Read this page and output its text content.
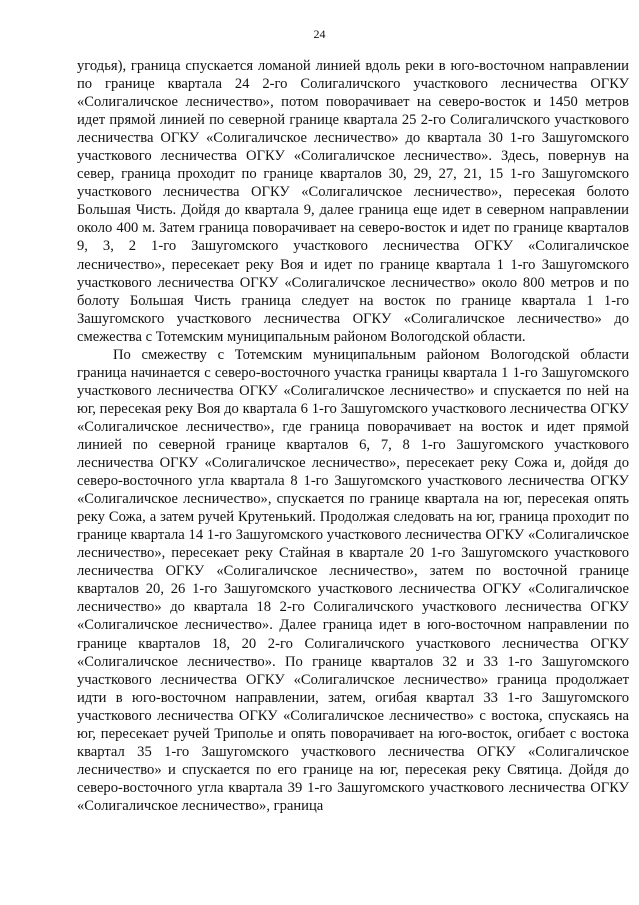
24

угодья), граница спускается ломаной линией вдоль реки в юго-восточном направлении по границе квартала 24 2-го Солигаличского участкового лесничества ОГКУ «Солигаличское лесничество», потом поворачивает на северо-восток и 1450 метров идет прямой линией по северной границе квартала 25 2-го Солигаличского участкового лесничества ОГКУ «Солигаличское лесничество» до квартала 30 1-го Зашугомского участкового лесничества ОГКУ «Солигаличское лесничество». Здесь, повернув на север, граница проходит по границе кварталов 30, 29, 27, 21, 15 1-го Зашугомского участкового лесничества ОГКУ «Солигаличское лесничество», пересекая болото Большая Чисть. Дойдя до квартала 9, далее граница еще идет в северном направлении около 400 м. Затем граница поворачивает на северо-восток и идет по границе кварталов 9, 3, 2 1-го Зашугомского участкового лесничества ОГКУ «Солигаличское лесничество», пересекает реку Воя и идет по границе квартала 1 1-го Зашугомского участкового лесничества ОГКУ «Солигаличское лесничество» около 800 метров и по болоту Большая Чисть граница следует на восток по границе квартала 1 1-го Зашугомского участкового лесничества ОГКУ «Солигаличское лесничество» до смежества с Тотемским муниципальным районом Вологодской области.

По смежеству с Тотемским муниципальным районом Вологодской области граница начинается с северо-восточного участка границы квартала 1 1-го Зашугомского участкового лесничества ОГКУ «Солигаличское лесничество» и спускается по ней на юг, пересекая реку Воя до квартала 6 1-го Зашугомского участкового лесничества ОГКУ «Солигаличское лесничество», где граница поворачивает на восток и идет прямой линией по северной границе кварталов 6, 7, 8 1-го Зашугомского участкового лесничества ОГКУ «Солигаличское лесничество», пересекает реку Сожа и, дойдя до северо-восточного угла квартала 8 1-го Зашугомского участкового лесничества ОГКУ «Солигаличское лесничество», спускается по границе квартала на юг, пересекая опять реку Сожа, а затем ручей Крутенький. Продолжая следовать на юг, граница проходит по границе квартала 14 1-го Зашугомского участкового лесничества ОГКУ «Солигаличское лесничество», пересекает реку Стайная в квартале 20 1-го Зашугомского участкового лесничества ОГКУ «Солигаличское лесничество», затем по восточной границе кварталов 20, 26 1-го Зашугомского участкового лесничества ОГКУ «Солигаличское лесничество» до квартала 18 2-го Солигаличского участкового лесничества ОГКУ «Солигаличское лесничество». Далее граница идет в юго-восточном направлении по границе кварталов 18, 20 2-го Солигаличского участкового лесничества ОГКУ «Солигаличское лесничество». По границе кварталов 32 и 33 1-го Зашугомского участкового лесничества ОГКУ «Солигаличское лесничество» граница продолжает идти в юго-восточном направлении, затем, огибая квартал 33 1-го Зашугомского участкового лесничества ОГКУ «Солигаличское лесничество» с востока, спускаясь на юг, пересекает ручей Триполье и опять поворачивает на юго-восток, огибает с востока квартал 35 1-го Зашугомского участкового лесничества ОГКУ «Солигаличское лесничество» и спускается по его границе на юг, пересекая реку Святица. Дойдя до северо-восточного угла квартала 39 1-го Зашугомского участкового лесничества ОГКУ «Солигаличское лесничество», граница
